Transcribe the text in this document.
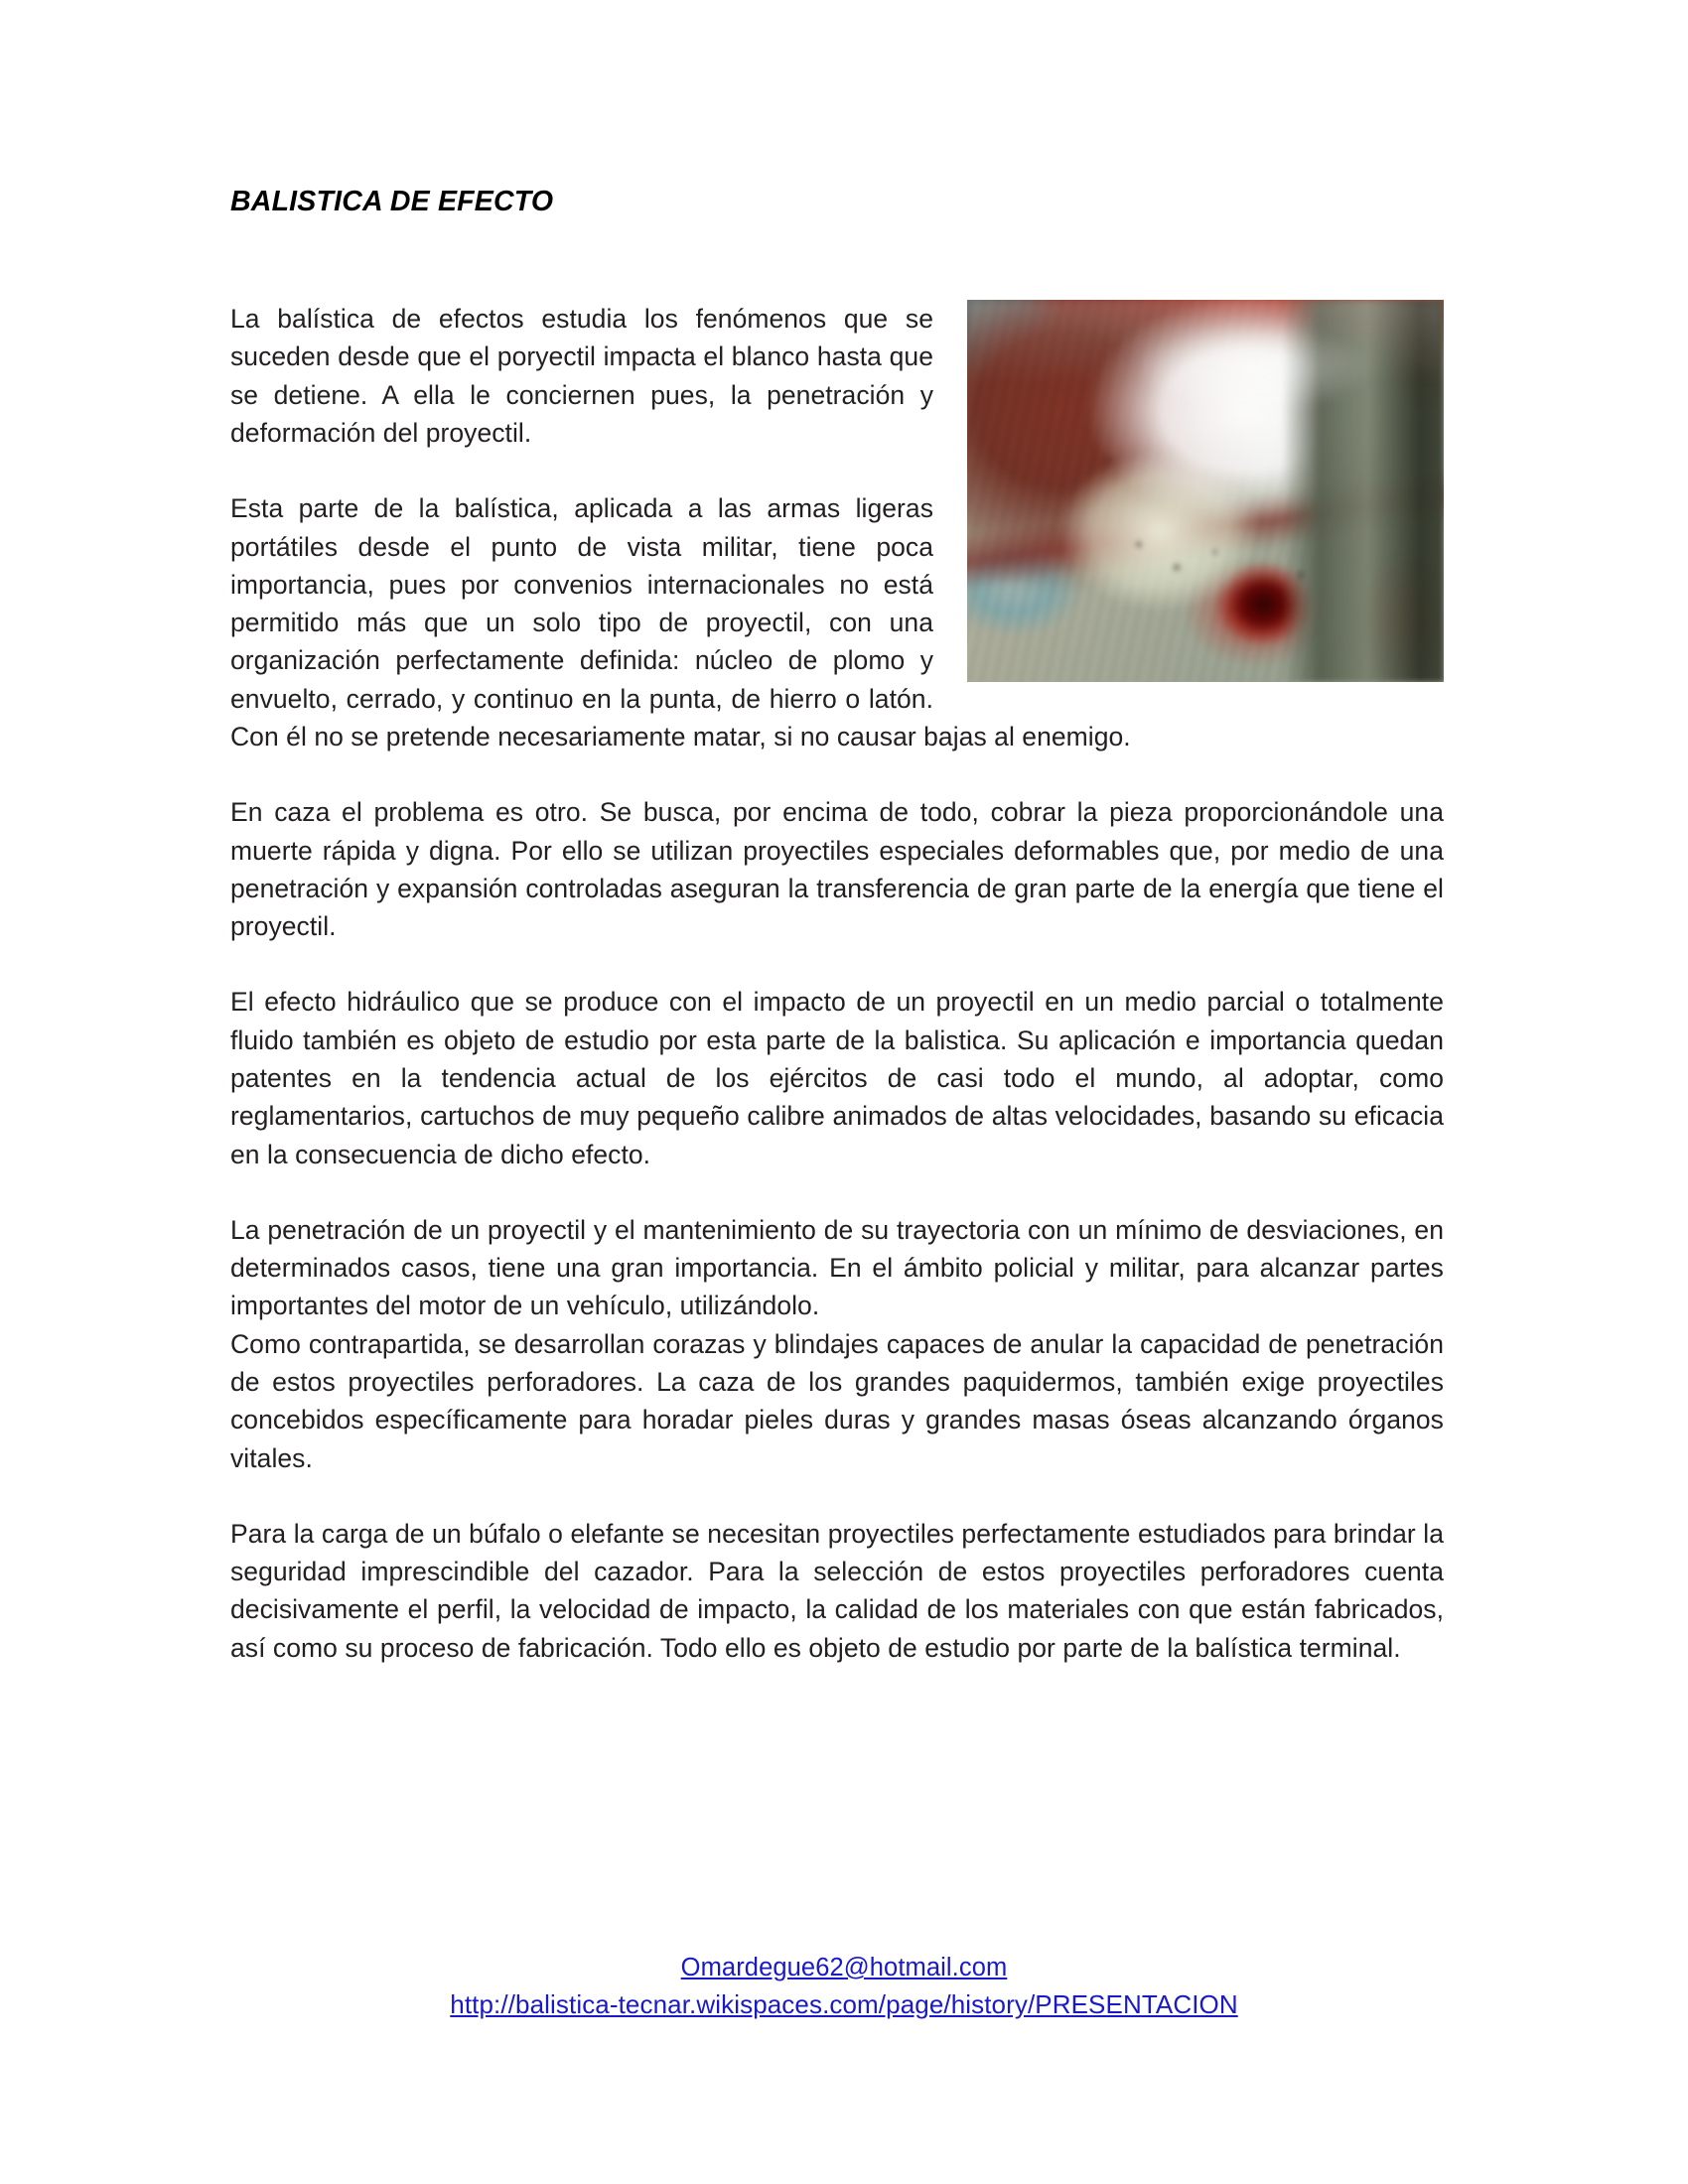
BALISTICA DE EFECTO

La balística de efectos estudia los fenómenos que se suceden desde que el poryectil impacta el blanco hasta que se detiene. A ella le conciernen pues, la penetración y deformación del proyectil.

Esta parte de la balística, aplicada a las armas ligeras portátiles desde el punto de vista militar, tiene poca importancia, pues por convenios internacionales no está permitido más que un solo tipo de proyectil, con una organización perfectamente definida: núcleo de plomo y envuelto, cerrado, y continuo en la punta, de hierro o latón. Con él no se pretende necesariamente matar, si no causar bajas al enemigo.

En caza el problema es otro. Se busca, por encima de todo, cobrar la pieza proporcionándole una muerte rápida y digna. Por ello se utilizan proyectiles especiales deformables que, por medio de una penetración y expansión controladas aseguran la transferencia de gran parte de la energía que tiene el proyectil.

El efecto hidráulico que se produce con el impacto de un proyectil en un medio parcial o totalmente fluido también es objeto de estudio por esta parte de la balistica. Su aplicación e importancia quedan patentes en la tendencia actual de los ejércitos de casi todo el mundo, al adoptar, como reglamentarios, cartuchos de muy pequeño calibre animados de altas velocidades, basando su eficacia en la consecuencia de dicho efecto.

La penetración de un proyectil y el mantenimiento de su trayectoria con un mínimo de desviaciones, en determinados casos, tiene una gran importancia. En el ámbito policial y militar, para alcanzar partes importantes del motor de un vehículo, utilizándolo.

Como contrapartida, se desarrollan corazas y blindajes capaces de anular la capacidad de penetración de estos proyectiles perforadores. La caza de los grandes paquidermos, también exige proyectiles concebidos específicamente para horadar pieles duras y grandes masas óseas alcanzando órganos vitales.

Para la carga de un búfalo o elefante se necesitan proyectiles perfectamente estudiados para brindar la seguridad imprescindible del cazador. Para la selección de estos proyectiles perforadores cuenta decisivamente el perfil, la velocidad de impacto, la calidad de los materiales con que están fabricados, así como su proceso de fabricación. Todo ello es objeto de estudio por parte de la balística terminal.

Omardegue62@hotmail.com
http://balistica-tecnar.wikispaces.com/page/history/PRESENTACION
